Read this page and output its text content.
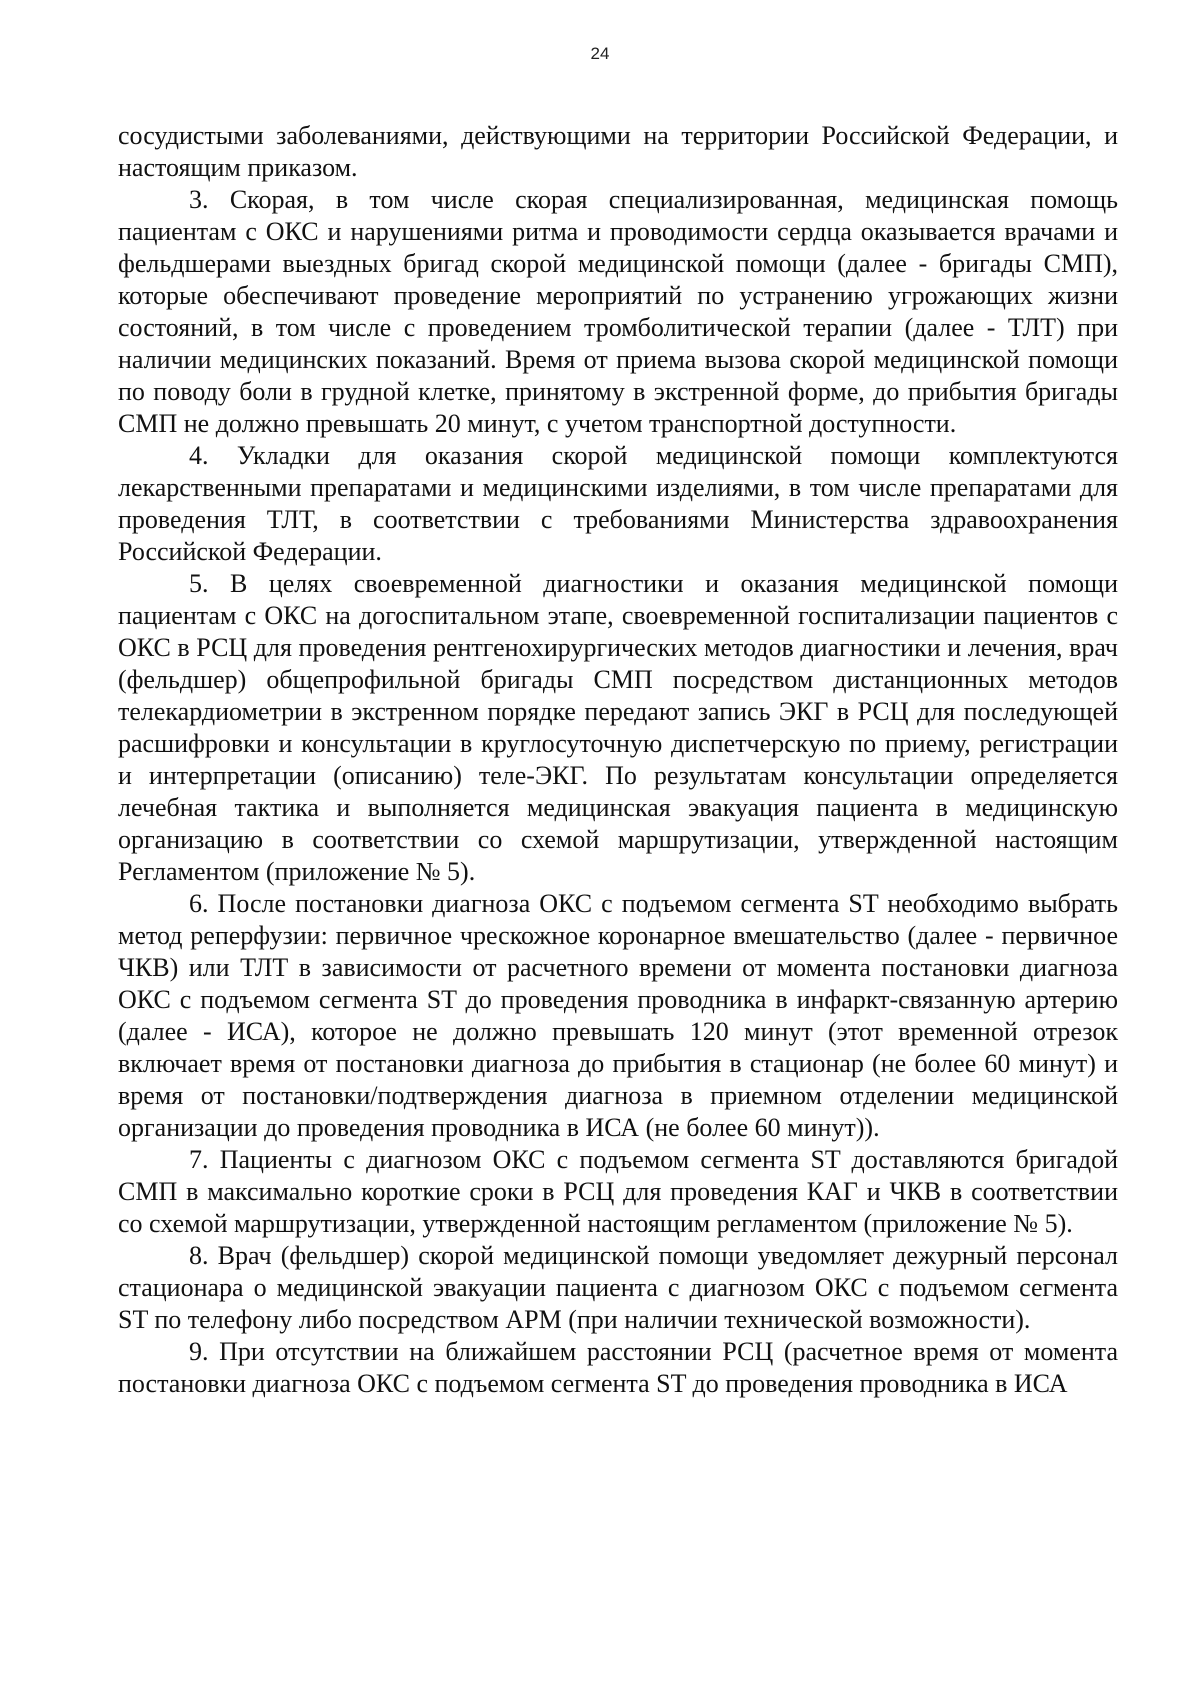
24

сосудистыми заболеваниями, действующими на территории Российской Федерации, и настоящим приказом.

3. Скорая, в том числе скорая специализированная, медицинская помощь пациентам с ОКС и нарушениями ритма и проводимости сердца оказывается врачами и фельдшерами выездных бригад скорой медицинской помощи (далее - бригады СМП), которые обеспечивают проведение мероприятий по устранению угрожающих жизни состояний, в том числе с проведением тромболитической терапии (далее - ТЛТ) при наличии медицинских показаний. Время от приема вызова скорой медицинской помощи по поводу боли в грудной клетке, принятому в экстренной форме, до прибытия бригады СМП не должно превышать 20 минут, с учетом транспортной доступности.

4. Укладки для оказания скорой медицинской помощи комплектуются лекарственными препаратами и медицинскими изделиями, в том числе препаратами для проведения ТЛТ, в соответствии с требованиями Министерства здравоохранения Российской Федерации.

5. В целях своевременной диагностики и оказания медицинской помощи пациентам с ОКС на догоспитальном этапе, своевременной госпитализации пациентов с ОКС в РСЦ для проведения рентгенохирургических методов диагностики и лечения, врач (фельдшер) общепрофильной бригады СМП посредством дистанционных методов телекардиометрии в экстренном порядке передают запись ЭКГ в РСЦ для последующей расшифровки и консультации в круглосуточную диспетчерскую по приему, регистрации и интерпретации (описанию) теле-ЭКГ. По результатам консультации определяется лечебная тактика и выполняется медицинская эвакуация пациента в медицинскую организацию в соответствии со схемой маршрутизации, утвержденной настоящим Регламентом (приложение № 5).

6. После постановки диагноза ОКС с подъемом сегмента ST необходимо выбрать метод реперфузии: первичное чрескожное коронарное вмешательство (далее - первичное ЧКВ) или ТЛТ в зависимости от расчетного времени от момента постановки диагноза ОКС с подъемом сегмента ST до проведения проводника в инфаркт-связанную артерию (далее - ИСА), которое не должно превышать 120 минут (этот временной отрезок включает время от постановки диагноза до прибытия в стационар (не более 60 минут) и время от постановки/подтверждения диагноза в приемном отделении медицинской организации до проведения проводника в ИСА (не более 60 минут)).

7. Пациенты с диагнозом ОКС с подъемом сегмента ST доставляются бригадой СМП в максимально короткие сроки в РСЦ для проведения КАГ и ЧКВ в соответствии со схемой маршрутизации, утвержденной настоящим регламентом (приложение № 5).

8. Врач (фельдшер) скорой медицинской помощи уведомляет дежурный персонал стационара о медицинской эвакуации пациента с диагнозом ОКС с подъемом сегмента ST по телефону либо посредством АРМ (при наличии технической возможности).

9. При отсутствии на ближайшем расстоянии РСЦ (расчетное время от момента постановки диагноза ОКС с подъемом сегмента ST до проведения проводника в ИСА
